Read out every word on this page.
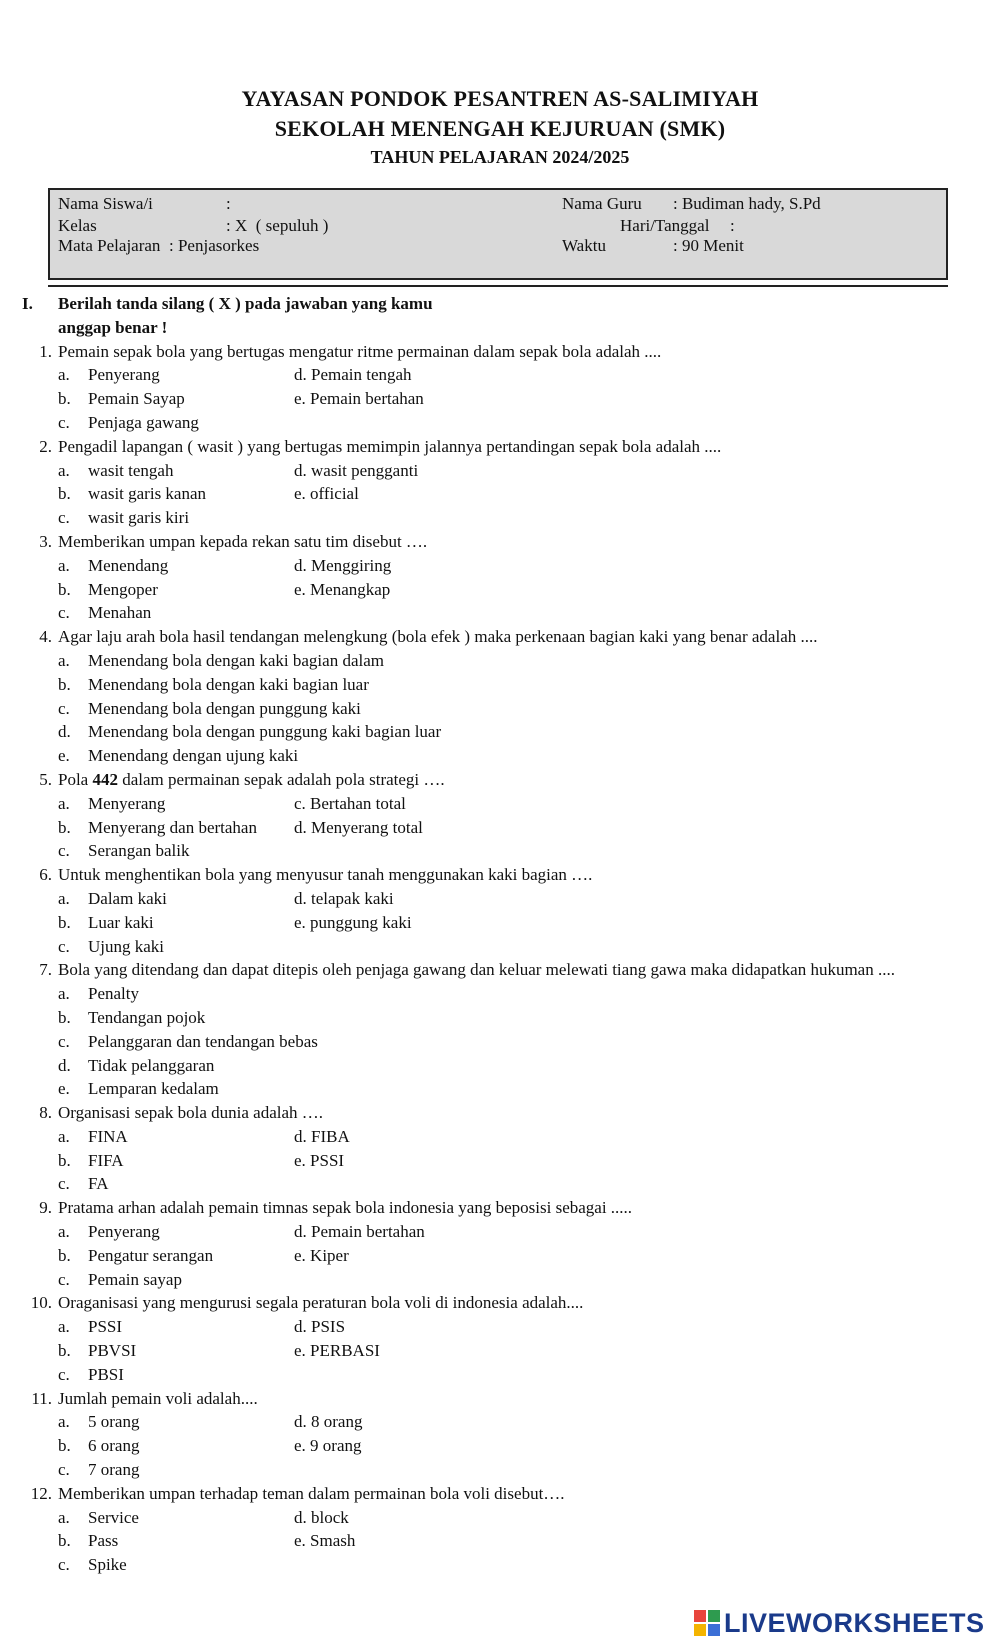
YAYASAN PONDOK PESANTREN AS-SALIMIYAH
SEKOLAH MENENGAH KEJURUAN (SMK)
TAHUN PELAJARAN 2024/2025
Nama Siswa/i	:
Kelas	: X  ( sepuluh )
Mata Pelajaran : Penjasorkes
Nama Guru : Budiman hady, S.Pd
Hari/Tanggal :
Waktu	: 90 Menit
I. Berilah tanda silang ( X ) pada jawaban yang kamu
anggap benar !
1. Pemain sepak bola yang bertugas mengatur ritme permainan dalam sepak bola adalah ....
a. Penyerang	d. Pemain tengah
b. Pemain Sayap	e. Pemain bertahan
c. Penjaga gawang
2. Pengadil lapangan ( wasit ) yang bertugas memimpin jalannya pertandingan sepak bola adalah ....
a. wasit tengah	d. wasit pengganti
b. wasit garis kanan	e. official
c. wasit garis kiri
3. Memberikan umpan kepada rekan satu tim disebut ….
a. Menendang	d. Menggiring
b. Mengoper	e. Menangkap
c. Menahan
4. Agar laju arah bola hasil tendangan melengkung (bola efek ) maka perkenaan bagian kaki yang benar adalah ....
a. Menendang bola dengan kaki bagian dalam
b. Menendang bola dengan kaki bagian luar
c. Menendang bola dengan punggung kaki
d. Menendang bola dengan punggung kaki bagian luar
e. Menendang dengan ujung kaki
5. Pola 442 dalam permainan sepak adalah pola strategi ….
a. Menyerang	c. Bertahan total
b. Menyerang dan bertahan d. Menyerang total
c. Serangan balik
6. Untuk menghentikan bola yang menyusur tanah menggunakan kaki bagian ….
a. Dalam kaki	d. telapak kaki
b. Luar kaki	e. punggung kaki
c. Ujung kaki
7. Bola yang ditendang dan dapat ditepis oleh penjaga gawang dan keluar melewati tiang gawa maka didapatkan hukuman ....
a. Penalty
b. Tendangan pojok
c. Pelanggaran dan tendangan bebas
d. Tidak pelanggaran
e. Lemparan kedalam
8. Organisasi sepak bola dunia adalah ….
a. FINA	d. FIBA
b. FIFA	e. PSSI
c. FA
9. Pratama arhan adalah pemain timnas sepak bola indonesia yang beposisi sebagai .....
a. Penyerang	d. Pemain bertahan
b. Pengatur serangan	e. Kiper
c. Pemain sayap
10. Oraganisasi yang mengurusi segala peraturan bola voli di indonesia adalah....
a. PSSI	d. PSIS
b. PBVSI	e. PERBASI
c. PBSI
11. Jumlah pemain voli adalah....
a. 5 orang	d. 8 orang
b. 6 orang	e. 9 orang
c. 7 orang
12. Memberikan umpan terhadap teman dalam permainan bola voli disebut….
a. Service	d. block
b. Pass	e. Smash
c. Spike
LIVEWORKSHEETS
